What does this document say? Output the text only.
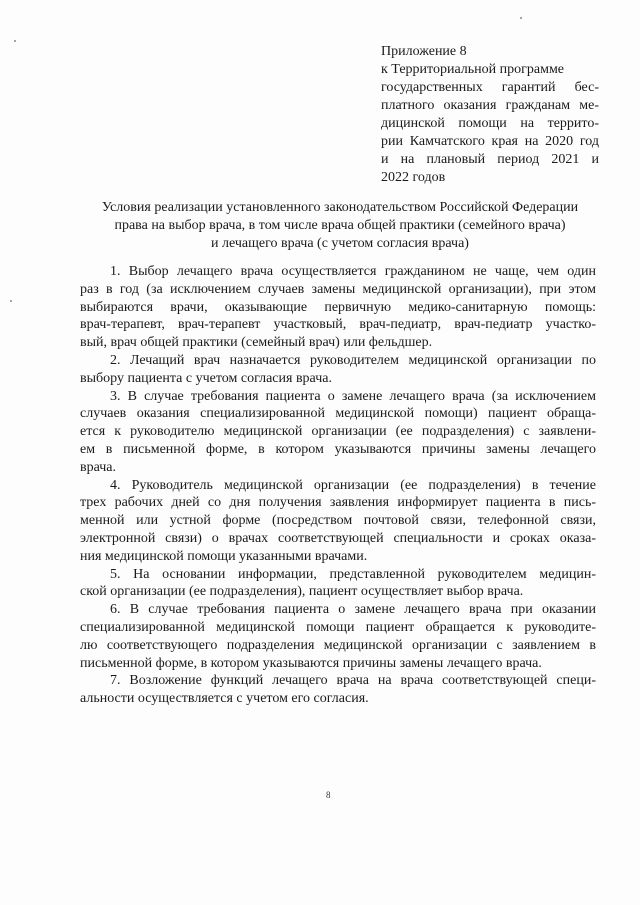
Приложение 8
к Территориальной программе
государственных гарантий бес-
платного оказания гражданам ме-
дицинской помощи на террито-
рии Камчатского края на 2020 год
и на плановый период 2021 и
2022 годов
Условия реализации установленного законодательством Российской Федерации
права на выбор врача, в том числе врача общей практики (семейного врача)
и лечащего врача (с учетом согласия врача)
1. Выбор лечащего врача осуществляется гражданином не чаще, чем один
раз в год (за исключением случаев замены медицинской организации), при этом
выбираются врачи, оказывающие первичную медико-санитарную помощь:
врач-терапевт, врач-терапевт участковый, врач-педиатр, врач-педиатр участко-
вый, врач общей практики (семейный врач) или фельдшер.
2. Лечащий врач назначается руководителем медицинской организации по
выбору пациента с учетом согласия врача.
3. В случае требования пациента о замене лечащего врача (за исключением
случаев оказания специализированной медицинской помощи) пациент обраща-
ется к руководителю медицинской организации (ее подразделения) с заявлени-
ем в письменной форме, в котором указываются причины замены лечащего
врача.
4. Руководитель медицинской организации (ее подразделения) в течение
трех рабочих дней со дня получения заявления информирует пациента в пись-
менной или устной форме (посредством почтовой связи, телефонной связи,
электронной связи) о врачах соответствующей специальности и сроках оказа-
ния медицинской помощи указанными врачами.
5. На основании информации, представленной руководителем медицин-
ской организации (ее подразделения), пациент осуществляет выбор врача.
6. В случае требования пациента о замене лечащего врача при оказании
специализированной медицинской помощи пациент обращается к руководите-
лю соответствующего подразделения медицинской организации с заявлением в
письменной форме, в котором указываются причины замены лечащего врача.
7. Возложение функций лечащего врача на врача соответствующей специ-
альности осуществляется с учетом его согласия.
8
